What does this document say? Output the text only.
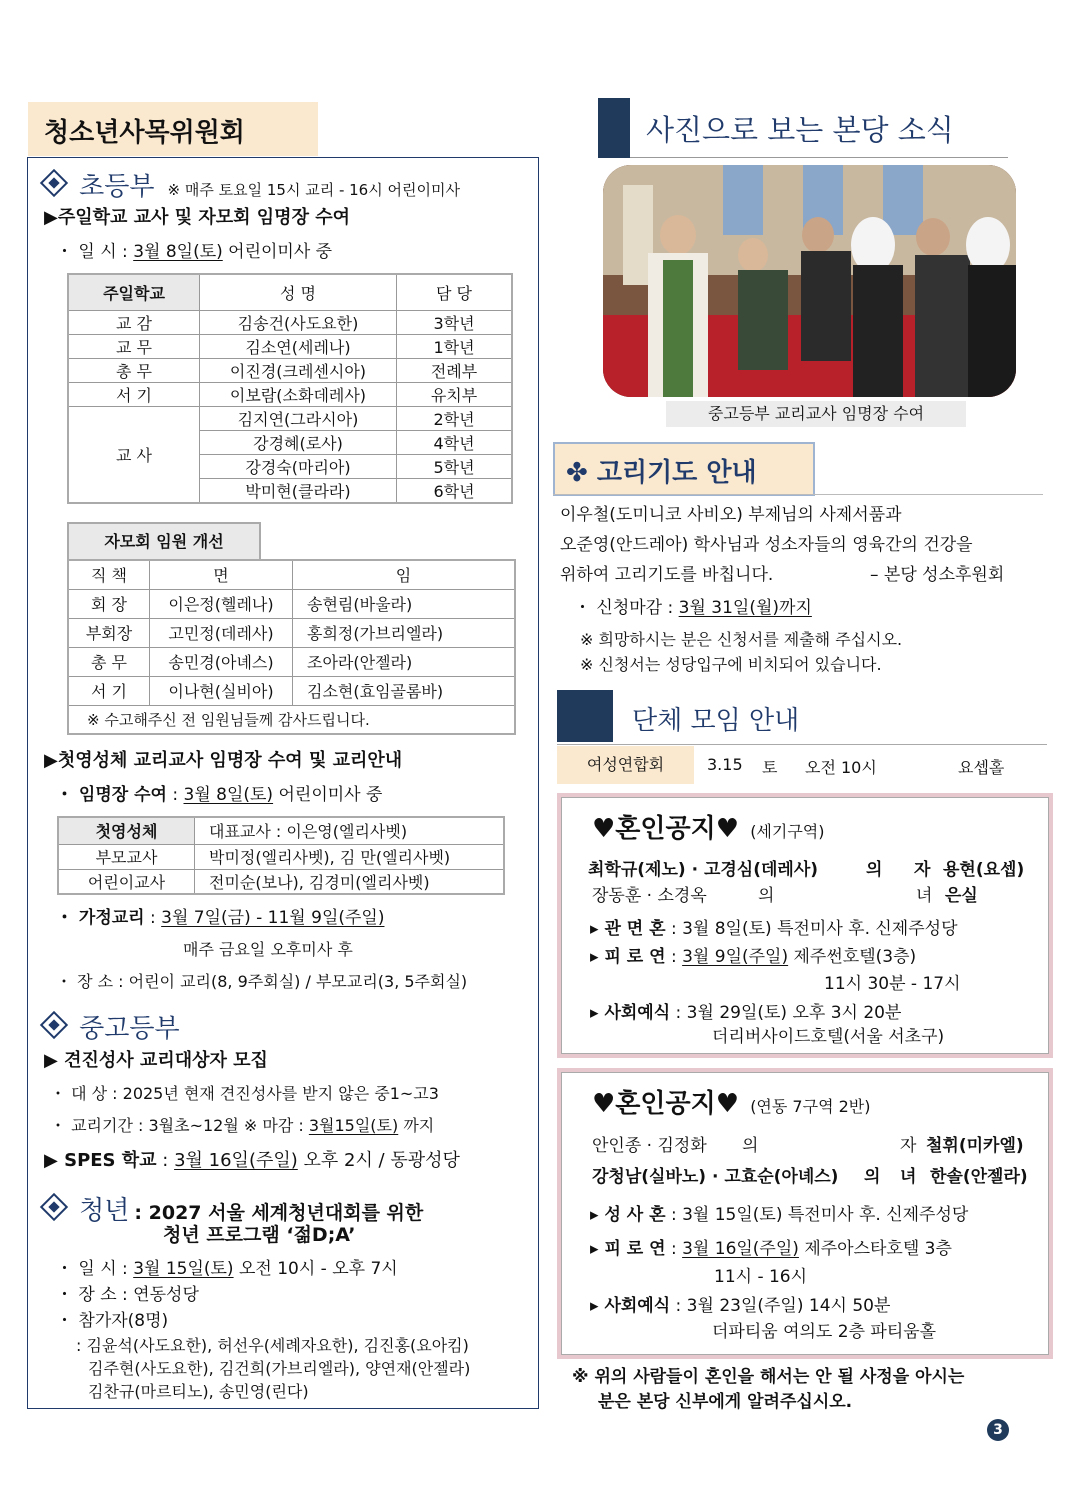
청소년사목위원회
초등부 ※ 매주 토요일 15시 교리 - 16시 어린이미사
▶주일학교 교사 및 자모회 임명장 수여
・ 일 시 : 3월 8일(토) 어린이미사 중
주일학교	성 명	담 당
교 감	김송건(사도요한)	3학년
교 무	김소연(세레나)	1학년
총 무	이진경(크레센시아)	전례부
서 기	이보람(소화데레사)	유치부
교 사	김지연(그라시아)	2학년
	강경혜(로사)	4학년
	강경숙(마리아)	5학년
	박미현(클라라)	6학년
자모회 임원 개선
직 책	면	임
회 장	이은정(헬레나)	송현림(바울라)
부회장	고민정(데레사)	홍희정(가브리엘라)
총 무	송민경(아녜스)	조아라(안젤라)
서 기	이나현(실비아)	김소현(효임골롬바)
※ 수고해주신 전 임원님들께 감사드립니다.		
▶첫영성체 교리교사 임명장 수여 및 교리안내
・ 임명장 수여 : 3월 8일(토) 어린이미사 중
첫영성체	대표교사 : 이은영(엘리사벳)
부모교사	박미정(엘리사벳), 김 만(엘리사벳)
어린이교사	전미순(보나), 김경미(엘리사벳)
・ 가정교리 : 3월 7일(금) - 11월 9일(주일)
매주 금요일 오후미사 후
・ 장 소 : 어린이 교리(8, 9주회실) / 부모교리(3, 5주회실)
중고등부
▶ 견진성사 교리대상자 모집
・ 대 상 : 2025년 현재 견진성사를 받지 않은 중1~고3
・ 교리기간 : 3월초~12월 ※ 마감 : 3월15일(토) 까지
▶ SPES 학교 : 3월 16일(주일) 오후 2시 / 동광성당
청년 : 2027 서울 세계청년대회를 위한
청년 프로그램 ‘젊D;A’
・ 일 시 : 3월 15일(토) 오전 10시 - 오후 7시
・ 장 소 : 연동성당
・ 참가자(8명)
: 김윤석(사도요한), 허선우(세례자요한), 김진홍(요아킴)
김주현(사도요한), 김건희(가브리엘라), 양연재(안젤라)
김찬규(마르티노), 송민영(린다)
사진으로 보는 본당 소식
중고등부 교리교사 임명장 수여
✤ 고리기도 안내
이우철(도미니코 사비오) 부제님의 사제서품과
오준영(안드레아) 학사님과 성소자들의 영육간의 건강을
위하여 고리기도를 바칩니다.	– 본당 성소후원회
・ 신청마감 : 3월 31일(월)까지
※ 희망하시는 분은 신청서를 제출해 주십시오.
※ 신청서는 성당입구에 비치되어 있습니다.
단체 모임 안내
여성연합회	3.15 토 오전 10시	요셉홀
♥혼인공지♥ (세기구역)
최학규(제노) · 고경심(데레사)	의 자 용현(요셉)
장동훈 · 소경옥	의	녀 은실
▸ 관 면 혼 : 3월 8일(토) 특전미사 후. 신제주성당
▸ 피 로 연 : 3월 9일(주일) 제주썬호텔(3층)
11시 30분 - 17시
▸ 사회예식 : 3월 29일(토) 오후 3시 20분
더리버사이드호텔(서울 서초구)
♥혼인공지♥ (연동 7구역 2반)
안인종 · 김정화 의	자 철휘(미카엘)
강청남(실바노) · 고효순(아녜스) 의 녀 한솔(안젤라)
▸ 성 사 혼 : 3월 15일(토) 특전미사 후. 신제주성당
▸ 피 로 연 : 3월 16일(주일) 제주아스타호텔 3층
11시 - 16시
▸ 사회예식 : 3월 23일(주일) 14시 50분
더파티움 여의도 2층 파티움홀
※ 위의 사람들이 혼인을 해서는 안 될 사정을 아시는
분은 본당 신부에게 알려주십시오.
3
